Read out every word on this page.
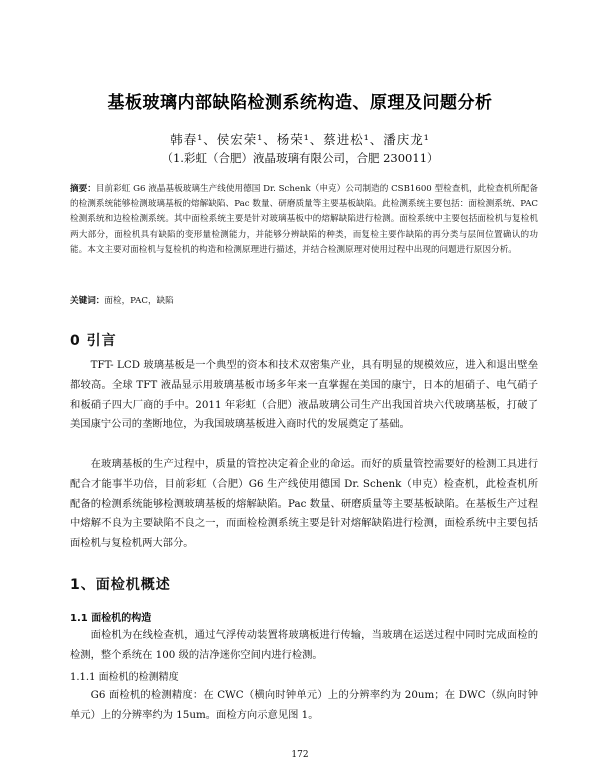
基板玻璃内部缺陷检测系统构造、原理及问题分析
韩春¹、侯宏荣¹、杨荣¹、蔡进松¹、潘庆龙¹
（1.彩虹（合肥）液晶玻璃有限公司，合肥 230011）
摘要：目前彩虹 G6 液晶基板玻璃生产线使用德国 Dr. Schenk（申克）公司制造的 CSB1600 型检查机，此检查机所配备的检测系统能够检测玻璃基板的熔解缺陷、Pac 数量、研磨质量等主要基板缺陷。此检测系统主要包括：面检测系统、PAC 检测系统和边检检测系统。其中面检系统主要是针对玻璃基板中的熔解缺陷进行检测。面检系统中主要包括面检机与复检机两大部分，面检机具有缺陷的变形量检测能力，并能够分辨缺陷的种类，而复检主要作缺陷的再分类与层间位置确认的功能。本文主要对面检机与复检机的构造和检测原理进行描述，并结合检测原理对使用过程中出现的问题进行原因分析。
关键词：面检，PAC，缺陷
0 引言
TFT- LCD 玻璃基板是一个典型的资本和技术双密集产业，具有明显的规模效应，进入和退出壁垒都较高。全球 TFT 液晶显示用玻璃基板市场多年来一直掌握在美国的康宁，日本的旭硝子、电气硝子和板硝子四大厂商的手中。2011 年彩虹（合肥）液晶玻璃公司生产出我国首块六代玻璃基板，打破了美国康宁公司的垄断地位，为我国玻璃基板进入商时代的发展奠定了基础。
在玻璃基板的生产过程中，质量的管控决定着企业的命运。而好的质量管控需要好的检测工具进行配合才能事半功倍，目前彩虹（合肥）G6 生产线使用德国 Dr. Schenk（申克）检查机，此检查机所配备的检测系统能够检测玻璃基板的熔解缺陷。Pac 数量、研磨质量等主要基板缺陷。在基板生产过程中熔解不良为主要缺陷不良之一，而面检检测系统主要是针对熔解缺陷进行检测，面检系统中主要包括面检机与复检机两大部分。
1、面检机概述
1.1 面检机的构造
面检机为在线检查机，通过气浮传动装置将玻璃板进行传输，当玻璃在运送过程中同时完成面检的检测，整个系统在 100 级的洁净迷你空间内进行检测。
1.1.1 面检机的检测精度
G6 面检机的检测精度：在 CWC（横向时钟单元）上的分辨率约为 20um；在 DWC（纵向时钟单元）上的分辨率约为 15um。面检方向示意见图 1。
172
